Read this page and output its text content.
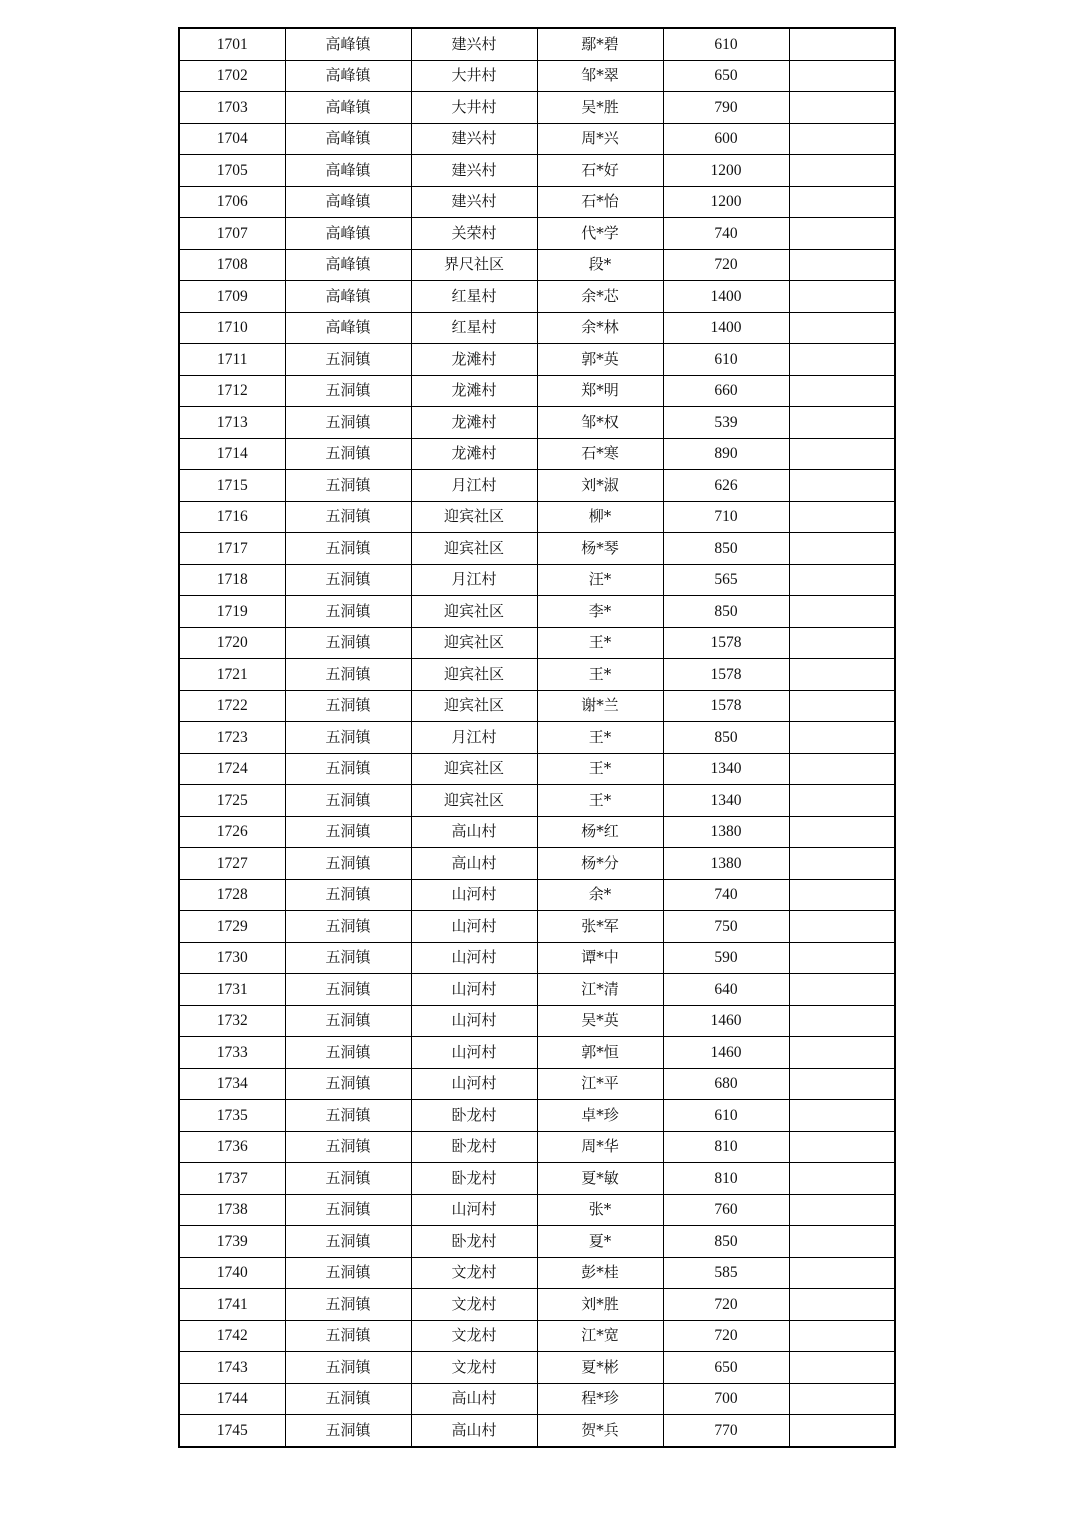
1701	高峰镇	建兴村	鄢*碧	610	
1702	高峰镇	大井村	邹*翠	650	
1703	高峰镇	大井村	吴*胜	790	
1704	高峰镇	建兴村	周*兴	600	
1705	高峰镇	建兴村	石*好	1200	
1706	高峰镇	建兴村	石*怡	1200	
1707	高峰镇	关荣村	代*学	740	
1708	高峰镇	界尺社区	段*	720	
1709	高峰镇	红星村	余*芯	1400	
1710	高峰镇	红星村	余*林	1400	
1711	五洞镇	龙滩村	郭*英	610	
1712	五洞镇	龙滩村	郑*明	660	
1713	五洞镇	龙滩村	邹*权	539	
1714	五洞镇	龙滩村	石*寒	890	
1715	五洞镇	月江村	刘*淑	626	
1716	五洞镇	迎宾社区	柳*	710	
1717	五洞镇	迎宾社区	杨*琴	850	
1718	五洞镇	月江村	汪*	565	
1719	五洞镇	迎宾社区	李*	850	
1720	五洞镇	迎宾社区	王*	1578	
1721	五洞镇	迎宾社区	王*	1578	
1722	五洞镇	迎宾社区	谢*兰	1578	
1723	五洞镇	月江村	王*	850	
1724	五洞镇	迎宾社区	王*	1340	
1725	五洞镇	迎宾社区	王*	1340	
1726	五洞镇	高山村	杨*红	1380	
1727	五洞镇	高山村	杨*分	1380	
1728	五洞镇	山河村	余*	740	
1729	五洞镇	山河村	张*军	750	
1730	五洞镇	山河村	谭*中	590	
1731	五洞镇	山河村	江*清	640	
1732	五洞镇	山河村	吴*英	1460	
1733	五洞镇	山河村	郭*恒	1460	
1734	五洞镇	山河村	江*平	680	
1735	五洞镇	卧龙村	卓*珍	610	
1736	五洞镇	卧龙村	周*华	810	
1737	五洞镇	卧龙村	夏*敏	810	
1738	五洞镇	山河村	张*	760	
1739	五洞镇	卧龙村	夏*	850	
1740	五洞镇	文龙村	彭*桂	585	
1741	五洞镇	文龙村	刘*胜	720	
1742	五洞镇	文龙村	江*宽	720	
1743	五洞镇	文龙村	夏*彬	650	
1744	五洞镇	高山村	程*珍	700	
1745	五洞镇	高山村	贺*兵	770	
